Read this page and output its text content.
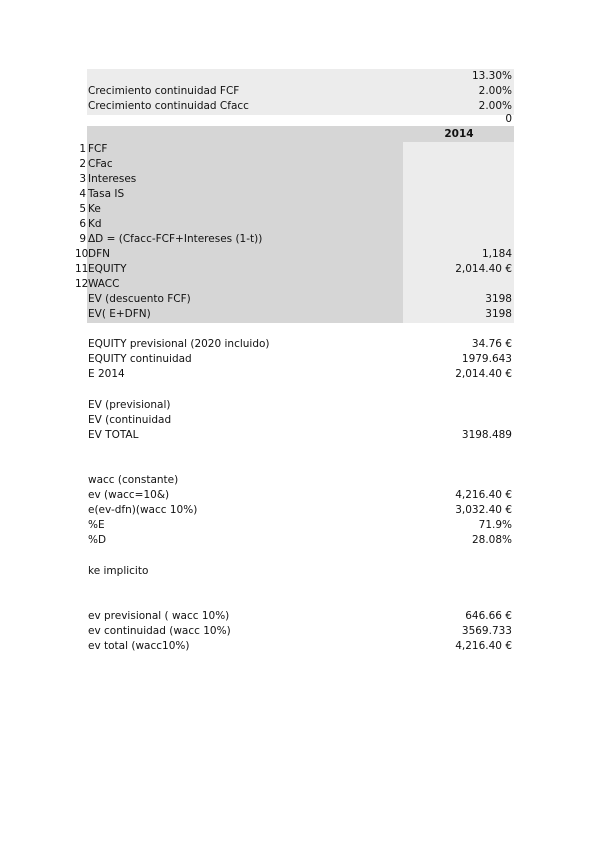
13.30%
Crecimiento continuidad FCF	2.00%
Crecimiento continuidad Cfacc	2.00%
0
2014
1 FCF
2 CFac
3 Intereses
4 Tasa IS
5 Ke
6 Kd
9 ΔD = (Cfacc-FCF+Intereses (1-t))
10 DFN	1,184
11 EQUITY	2,014.40 €
12 WACC
EV (descuento FCF)	3198
EV( E+DFN)	3198
EQUITY previsional (2020 incluido)	34.76 €
EQUITY continuidad	1979.643
E 2014	2,014.40 €
EV (previsional)
EV (continuidad
EV TOTAL	3198.489
wacc (constante)
ev (wacc=10&)	4,216.40 €
e(ev-dfn)(wacc 10%)	3,032.40 €
%E	71.9%
%D	28.08%
ke implicito
ev previsional ( wacc 10%)	646.66 €
ev continuidad (wacc 10%)	3569.733
ev total (wacc10%)	4,216.40 €
